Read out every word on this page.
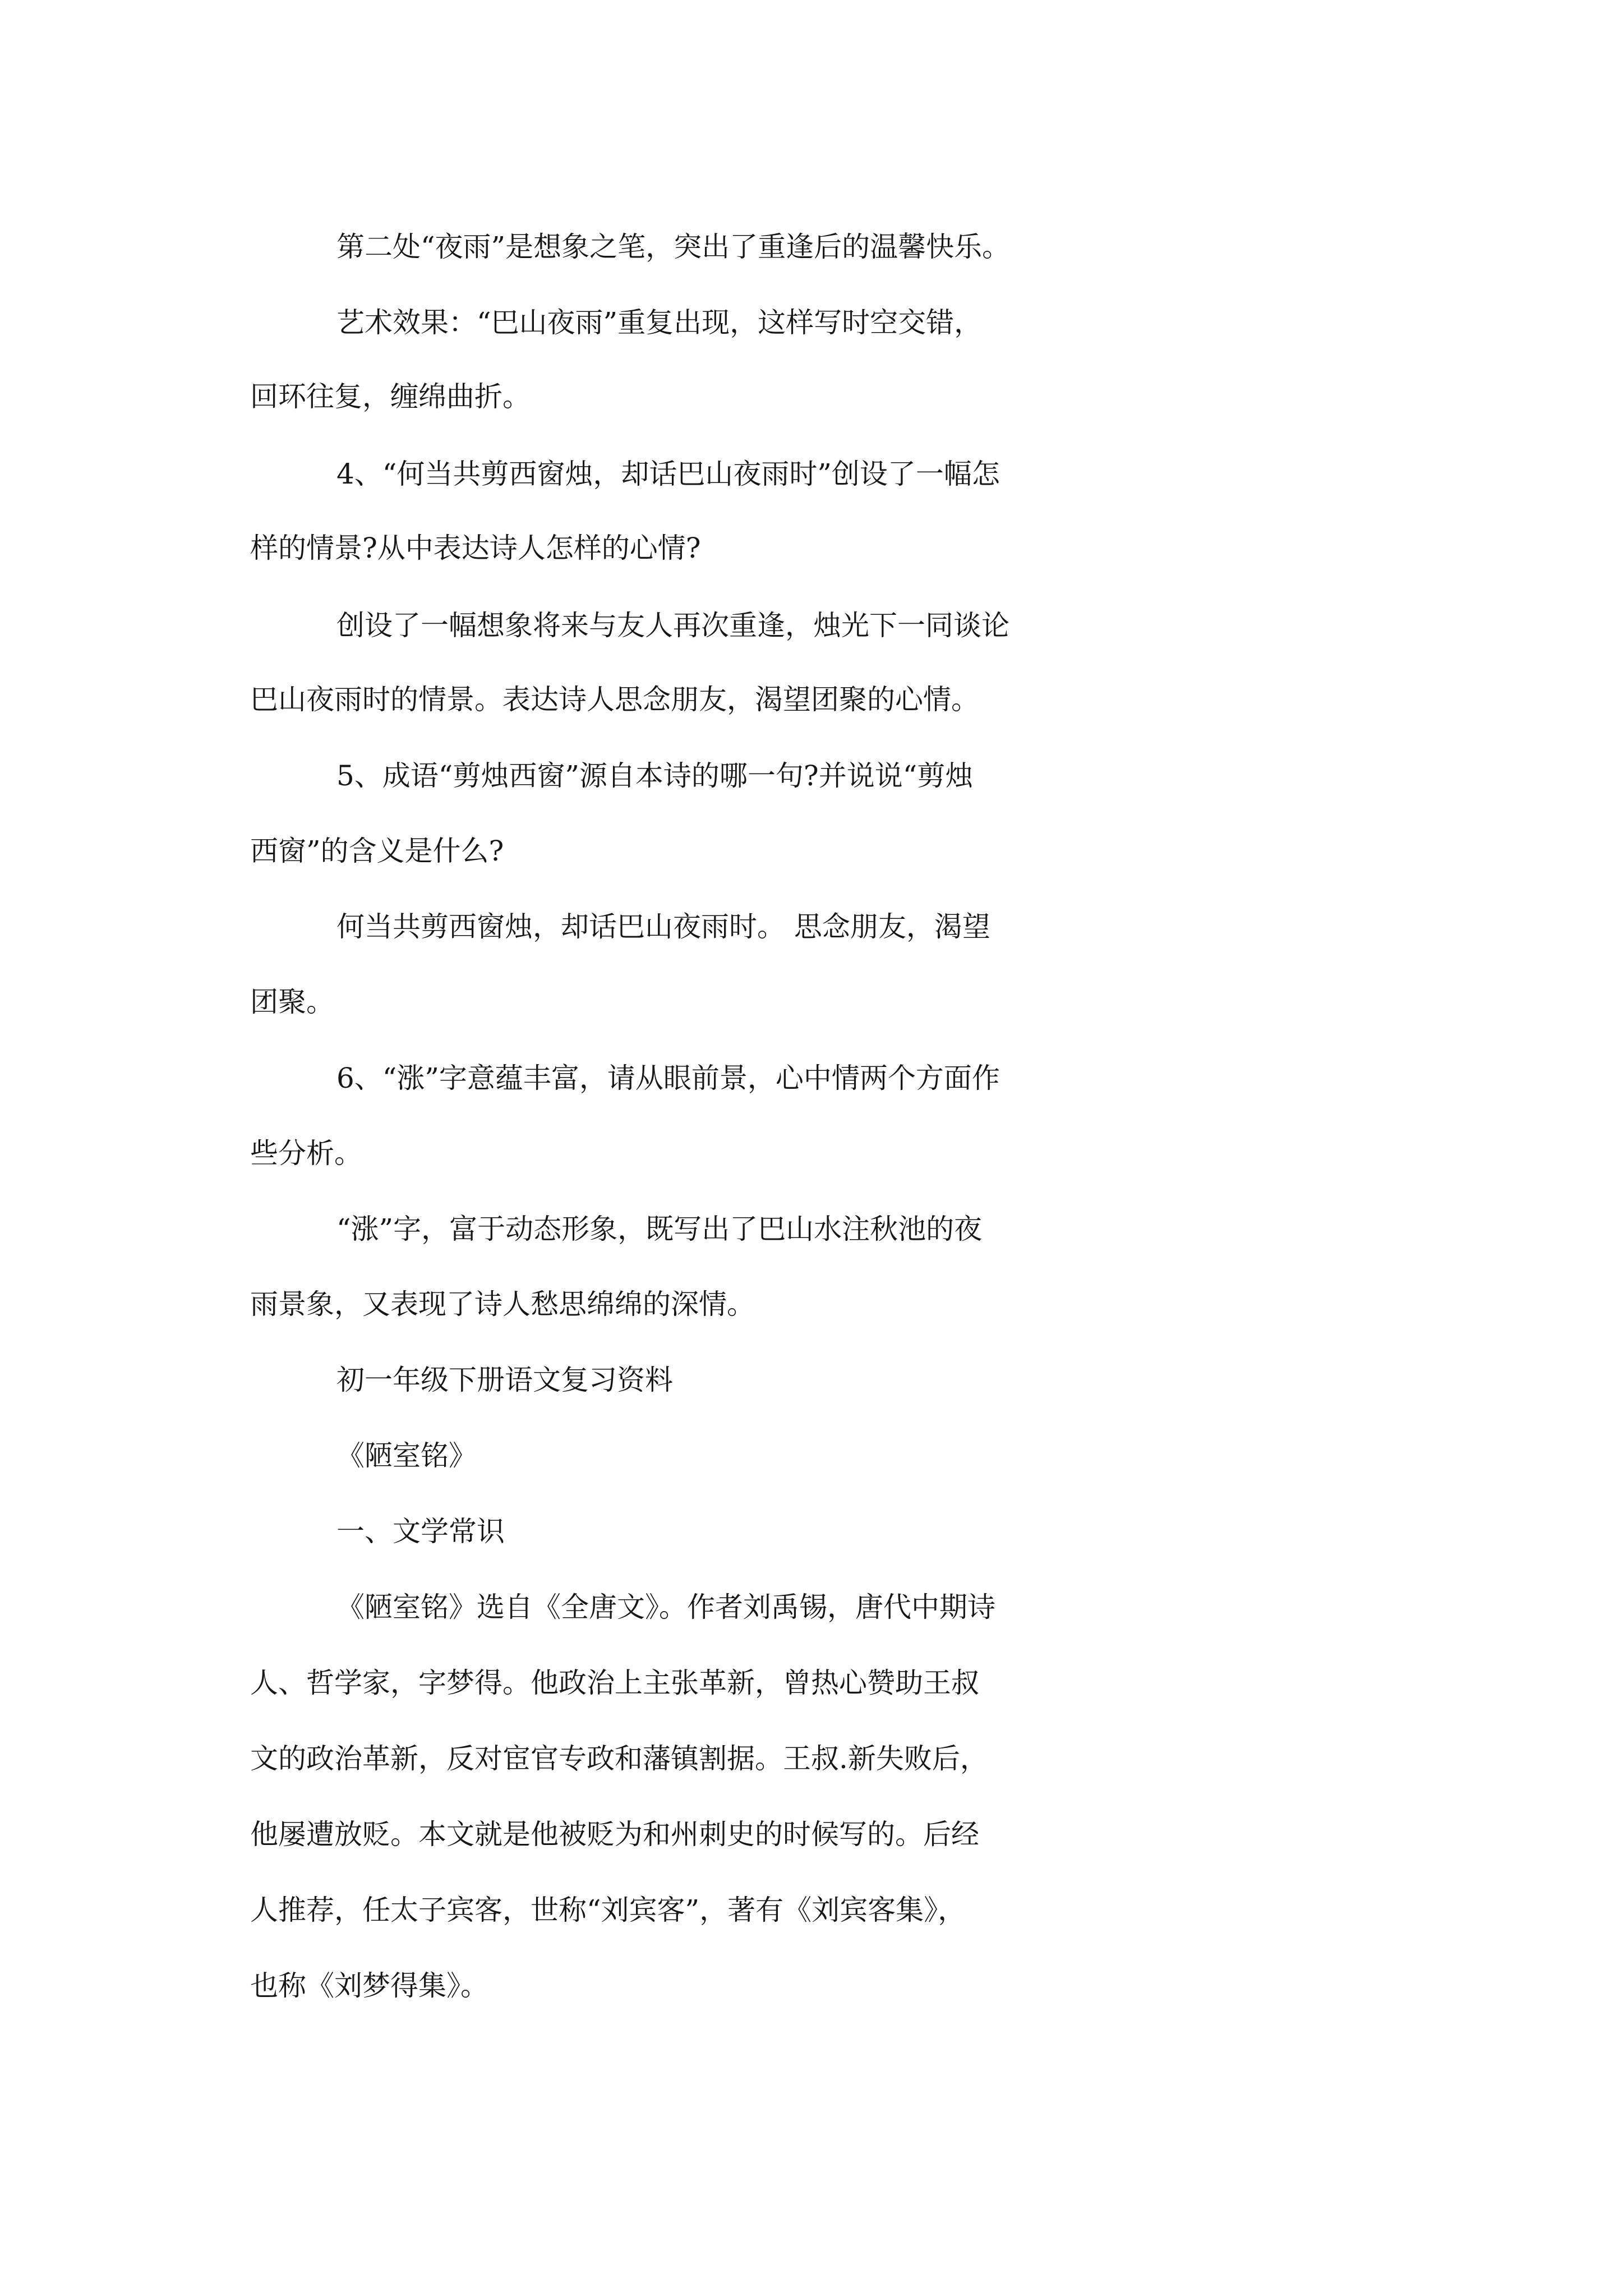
第二处“夜雨”是想象之笔，突出了重逢后的温馨快乐。
艺术效果：“巴山夜雨”重复出现，这样写时空交错，
回环往复，缠绵曲折。
4、“何当共剪西窗烛，却话巴山夜雨时”创设了一幅怎
样的情景?从中表达诗人怎样的心情?
创设了一幅想象将来与友人再次重逢，烛光下一同谈论
巴山夜雨时的情景。表达诗人思念朋友，渴望团聚的心情。
5、成语“剪烛西窗”源自本诗的哪一句?并说说“剪烛
西窗”的含义是什么?
何当共剪西窗烛，却话巴山夜雨时。 思念朋友，渴望
团聚。
6、“涨”字意蕴丰富，请从眼前景，心中情两个方面作
些分析。
“涨”字，富于动态形象，既写出了巴山水注秋池的夜
雨景象，又表现了诗人愁思绵绵的深情。
初一年级下册语文复习资料
《陋室铭》
一、文学常识
《陋室铭》选自《全唐文》。作者刘禹锡，唐代中期诗
人、哲学家，字梦得。他政治上主张革新，曾热心赞助王叔
文的政治革新，反对宦官专政和藩镇割据。王叔.新失败后，
他屡遭放贬。本文就是他被贬为和州刺史的时候写的。后经
人推荐，任太子宾客，世称“刘宾客”，著有《刘宾客集》，
也称《刘梦得集》。
